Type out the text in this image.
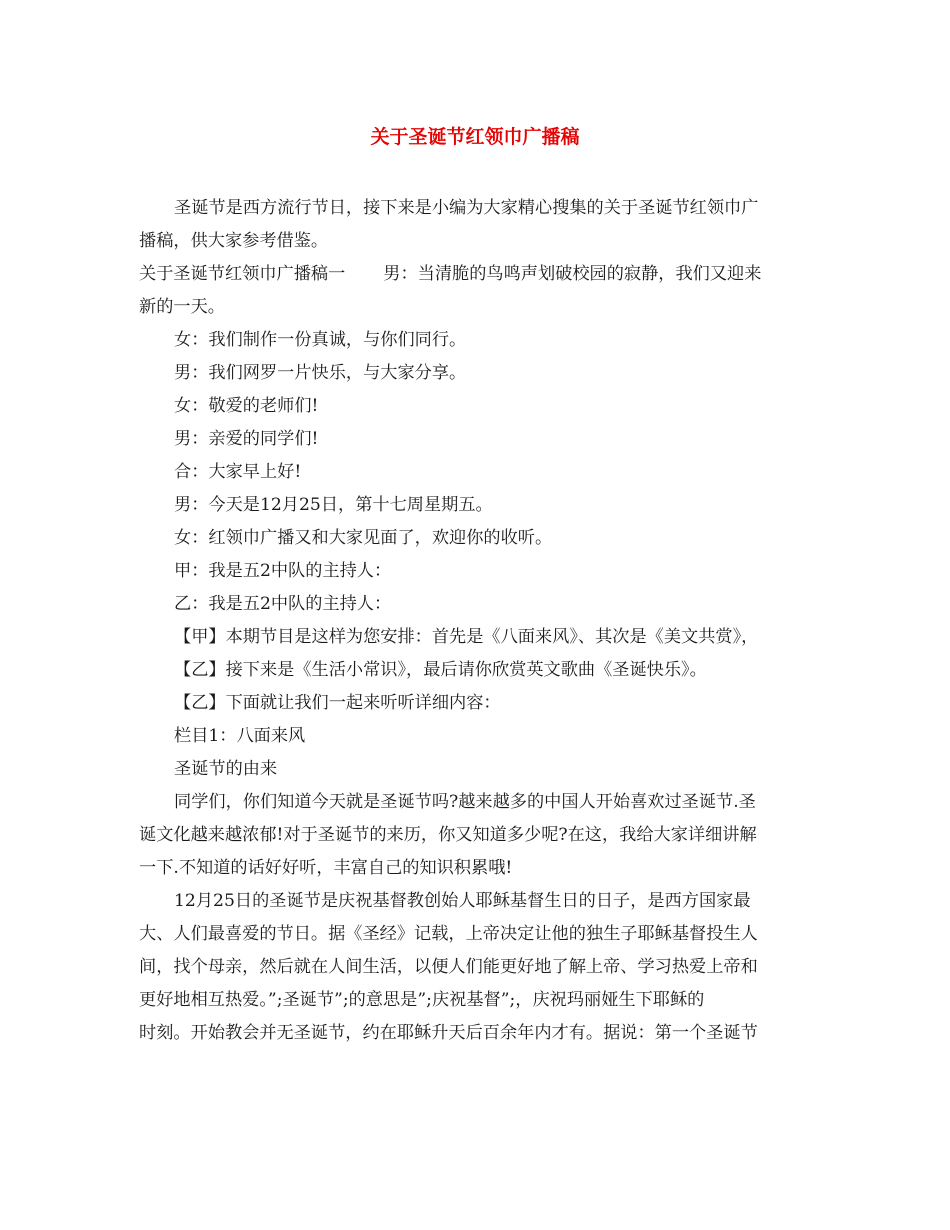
关于圣诞节红领巾广播稿
圣诞节是西方流行节日，接下来是小编为大家精心搜集的关于圣诞节红领巾广
播稿，供大家参考借鉴。
关于圣诞节红领巾广播稿一 男：当清脆的鸟鸣声划破校园的寂静，我们又迎来
新的一天。
女：我们制作一份真诚，与你们同行。
男：我们网罗一片快乐，与大家分享。
女：敬爱的老师们!
男：亲爱的同学们!
合：大家早上好!
男：今天是12月25日，第十七周星期五。
女：红领巾广播又和大家见面了，欢迎你的收听。
甲：我是五2中队的主持人：
乙：我是五2中队的主持人：
【甲】本期节目是这样为您安排：首先是《八面来风》、其次是《美文共赏》，
【乙】接下来是《生活小常识》，最后请你欣赏英文歌曲《圣诞快乐》。
【乙】下面就让我们一起来听听详细内容：
栏目1：八面来风
圣诞节的由来
同学们，你们知道今天就是圣诞节吗?越来越多的中国人开始喜欢过圣诞节.圣
诞文化越来越浓郁!对于圣诞节的来历，你又知道多少呢?在这，我给大家详细讲解
一下.不知道的话好好听，丰富自己的知识积累哦!
12月25日的圣诞节是庆祝基督教创始人耶稣基督生日的日子，是西方国家最
大、人们最喜爱的节日。据《圣经》记载，上帝决定让他的独生子耶稣基督投生人
间，找个母亲，然后就在人间生活，以便人们能更好地了解上帝、学习热爱上帝和
更好地相互热爱。”;圣诞节”;的意思是”;庆祝基督”;，庆祝玛丽娅生下耶稣的
时刻。开始教会并无圣诞节，约在耶稣升天后百余年内才有。据说：第一个圣诞节
